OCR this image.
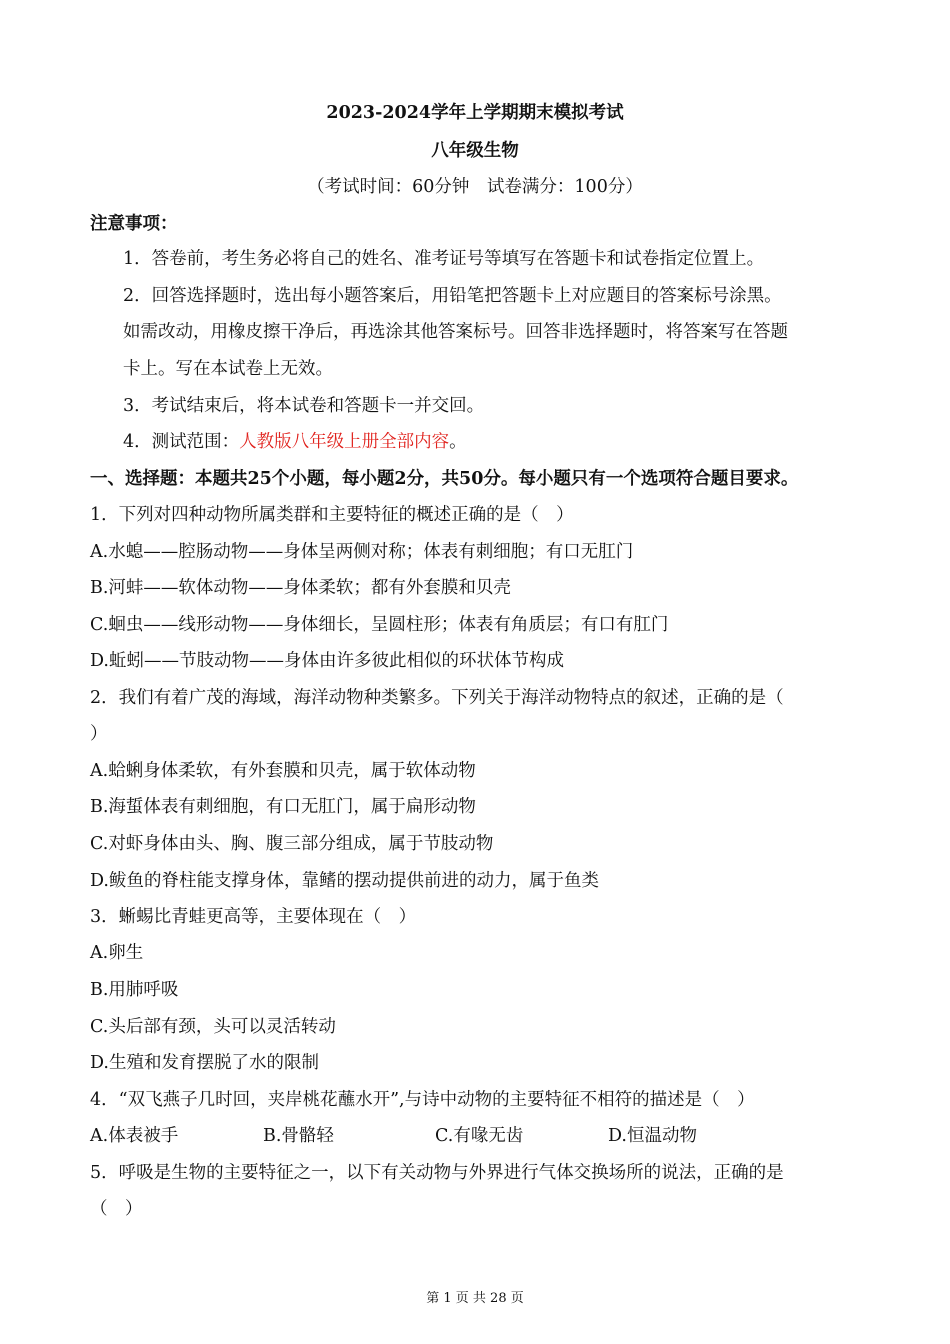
2023-2024学年上学期期末模拟考试
八年级生物
（考试时间：60分钟　试卷满分：100分）
注意事项：
1．答卷前，考生务必将自己的姓名、准考证号等填写在答题卡和试卷指定位置上。
2．回答选择题时，选出每小题答案后，用铅笔把答题卡上对应题目的答案标号涂黑。
如需改动，用橡皮擦干净后，再选涂其他答案标号。回答非选择题时，将答案写在答题
卡上。写在本试卷上无效。
3．考试结束后，将本试卷和答题卡一并交回。
4．测试范围：人教版八年级上册全部内容。
一、选择题：本题共25个小题，每小题2分，共50分。每小题只有一个选项符合题目要求。
1．下列对四种动物所属类群和主要特征的概述正确的是（　）
A.水螅——腔肠动物——身体呈两侧对称；体表有刺细胞；有口无肛门
B.河蚌——软体动物——身体柔软；都有外套膜和贝壳
C.蛔虫——线形动物——身体细长，呈圆柱形；体表有角质层；有口有肛门
D.蚯蚓——节肢动物——身体由许多彼此相似的环状体节构成
2．我们有着广茂的海域，海洋动物种类繁多。下列关于海洋动物特点的叙述，正确的是（
）
A.蛤蜊身体柔软，有外套膜和贝壳，属于软体动物
B.海蜇体表有刺细胞，有口无肛门，属于扁形动物
C.对虾身体由头、胸、腹三部分组成，属于节肢动物
D.鲅鱼的脊柱能支撑身体，靠鳍的摆动提供前进的动力，属于鱼类
3．蜥蜴比青蛙更高等，主要体现在（　）
A.卵生
B.用肺呼吸
C.头后部有颈，头可以灵活转动
D.生殖和发育摆脱了水的限制
4．“双飞燕子几时回，夹岸桃花蘸水开”,与诗中动物的主要特征不相符的描述是（　）
A.体表被手	B.骨骼轻	C.有喙无齿	D.恒温动物
5．呼吸是生物的主要特征之一，以下有关动物与外界进行气体交换场所的说法，正确的是
（　）
第 1 页 共 28 页
